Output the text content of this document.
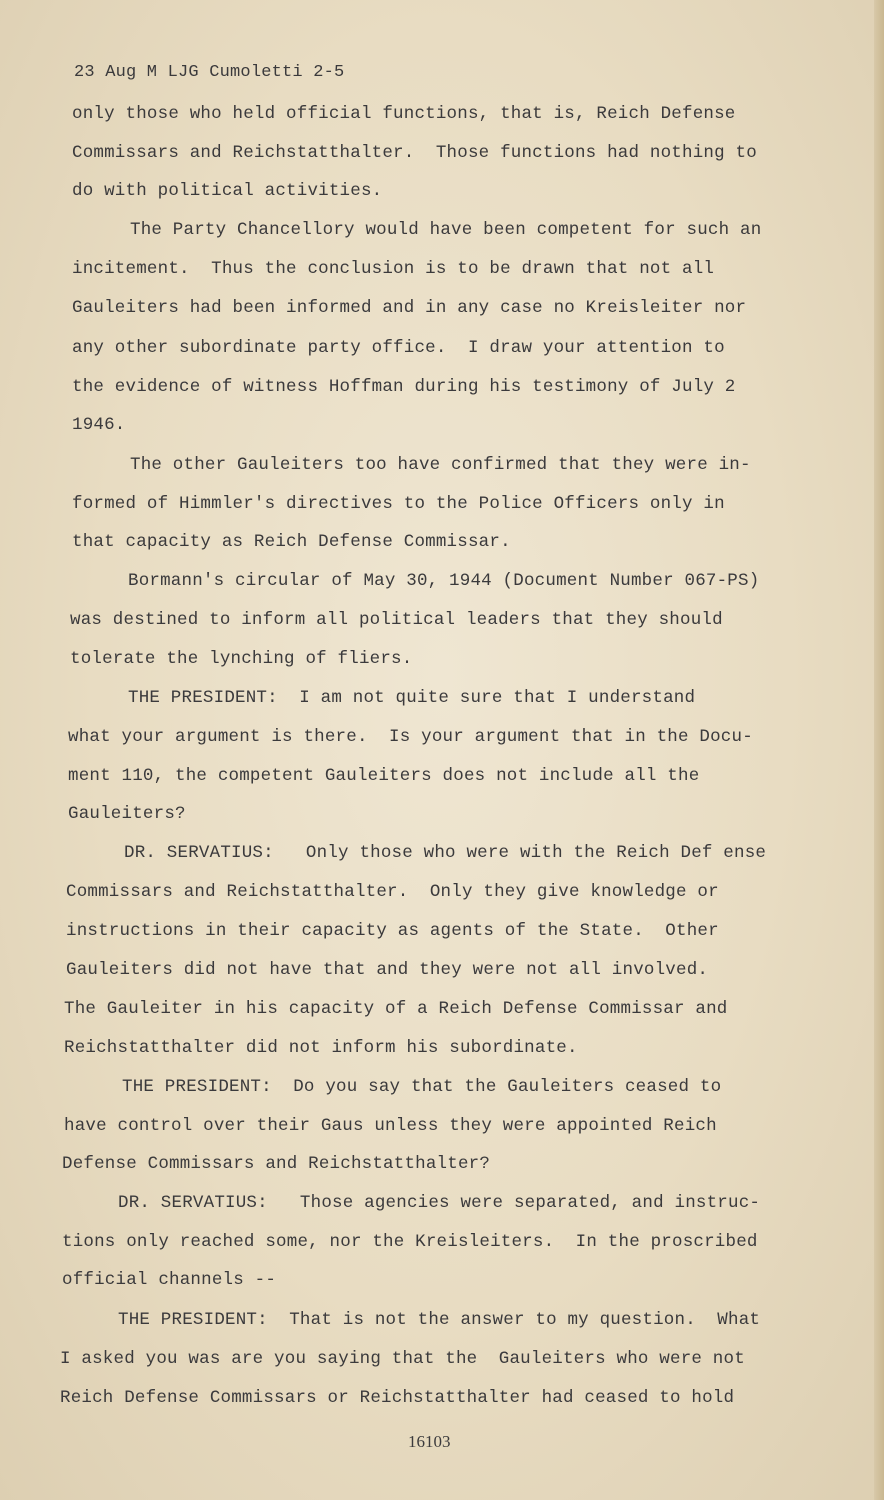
23 Aug M LJG Cumoletti 2-5

only those who held official functions, that is, Reich Defense

Commissars and Reichstatthalter.  Those functions had nothing to

do with political activities.

The Party Chancellory would have been competent for such an

incitement.  Thus the conclusion is to be drawn that not all

Gauleiters had been informed and in any case no Kreisleiter nor

any other subordinate party office.  I draw your attention to

the evidence of witness Hoffman during his testimony of July 2

1946.

The other Gauleiters too have confirmed that they were in-

formed of Himmler's directives to the Police Officers only in

that capacity as Reich Defense Commissar.

Bormann's circular of May 30, 1944 (Document Number 067-PS)

was destined to inform all political leaders that they should

tolerate the lynching of fliers.

THE PRESIDENT:  I am not quite sure that I understand

what your argument is there.  Is your argument that in the Docu-

ment 110, the competent Gauleiters does not include all the

Gauleiters?

DR. SERVATIUS:   Only those who were with the Reich Def ense

Commissars and Reichstatthalter.  Only they give knowledge or

instructions in their capacity as agents of the State.  Other

Gauleiters did not have that and they were not all involved.

The Gauleiter in his capacity of a Reich Defense Commissar and

Reichstatthalter did not inform his subordinate.

THE PRESIDENT:  Do you say that the Gauleiters ceased to

have control over their Gaus unless they were appointed Reich

Defense Commissars and Reichstatthalter?

DR. SERVATIUS:   Those agencies were separated, and instruc-

tions only reached some, nor the Kreisleiters.  In the proscribed

official channels --

THE PRESIDENT:  That is not the answer to my question.  What

I asked you was are you saying that the  Gauleiters who were not

Reich Defense Commissars or Reichstatthalter had ceased to hold

16103
